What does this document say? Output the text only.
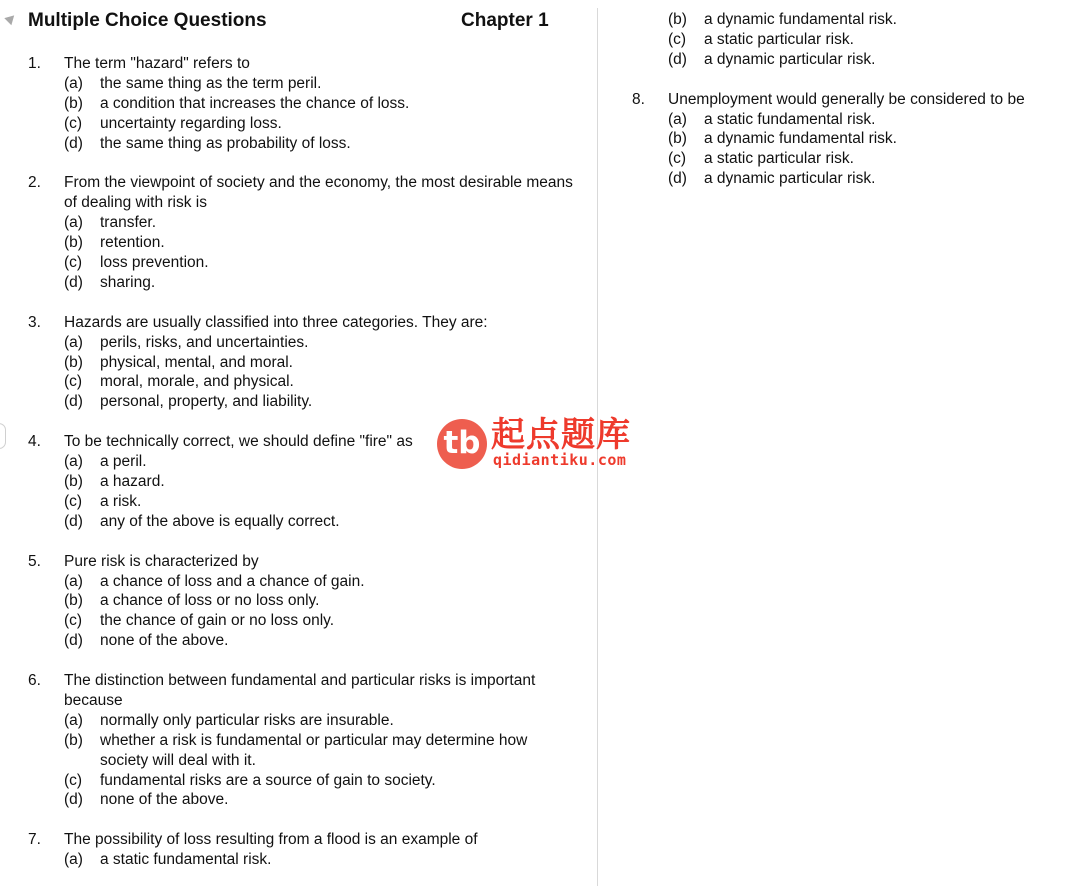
Multiple Choice Questions	Chapter 1
1.	The term "hazard" refers to
(a)	the same thing as the term peril.
(b)	a condition that increases the chance of loss.
(c)	uncertainty regarding loss.
(d)	the same thing as probability of loss.
2.	From the viewpoint of society and the economy, the most desirable means of dealing with risk is
(a)	transfer.
(b)	retention.
(c)	loss prevention.
(d)	sharing.
3.	Hazards are usually classified into three categories. They are:
(a)	perils, risks, and uncertainties.
(b)	physical, mental, and moral.
(c)	moral, morale, and physical.
(d)	personal, property, and liability.
4.	To be technically correct, we should define "fire" as
(a)	a peril.
(b)	a hazard.
(c)	a risk.
(d)	any of the above is equally correct.
5.	Pure risk is characterized by
(a)	a chance of loss and a chance of gain.
(b)	a chance of loss or no loss only.
(c)	the chance of gain or no loss only.
(d)	none of the above.
6.	The distinction between fundamental and particular risks is important because
(a)	normally only particular risks are insurable.
(b)	whether a risk is fundamental or particular may determine how society will deal with it.
(c)	fundamental risks are a source of gain to society.
(d)	none of the above.
7.	The possibility of loss resulting from a flood is an example of
(a)	a static fundamental risk.
(b)	a dynamic fundamental risk.
(c)	a static particular risk.
(d)	a dynamic particular risk.
8.	Unemployment would generally be considered to be
(a)	a static fundamental risk.
(b)	a dynamic fundamental risk.
(c)	a static particular risk.
(d)	a dynamic particular risk.
tb 起点题库
qidiantiku.com
